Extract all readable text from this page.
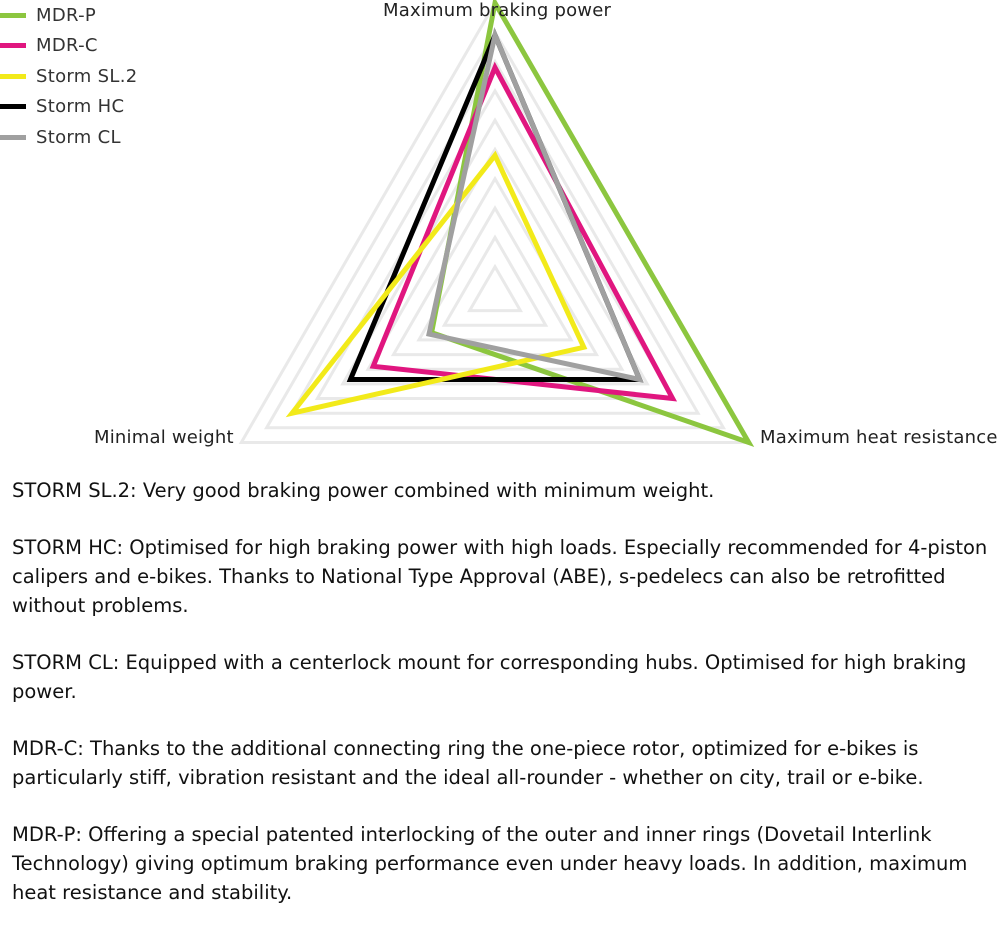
MDR-P
MDR-C
Storm SL.2
Storm HC
Storm CL
Maximum braking power
Maximum heat resistance
Minimal weight

STORM SL.2: Very good braking power combined with minimum weight.

STORM HC: Optimised for high braking power with high loads. Especially recommended for 4-piston calipers and e-bikes. Thanks to National Type Approval (ABE), s-pedelecs can also be retrofitted without problems.

STORM CL: Equipped with a centerlock mount for corresponding hubs. Optimised for high braking power.

MDR-C: Thanks to the additional connecting ring the one-piece rotor, optimized for e-bikes is particularly stiff, vibration resistant and the ideal all-rounder - whether on city, trail or e-bike.

MDR-P: Offering a special patented interlocking of the outer and inner rings (Dovetail Interlink Technology) giving optimum braking performance even under heavy loads. In addition, maximum heat resistance and stability.
